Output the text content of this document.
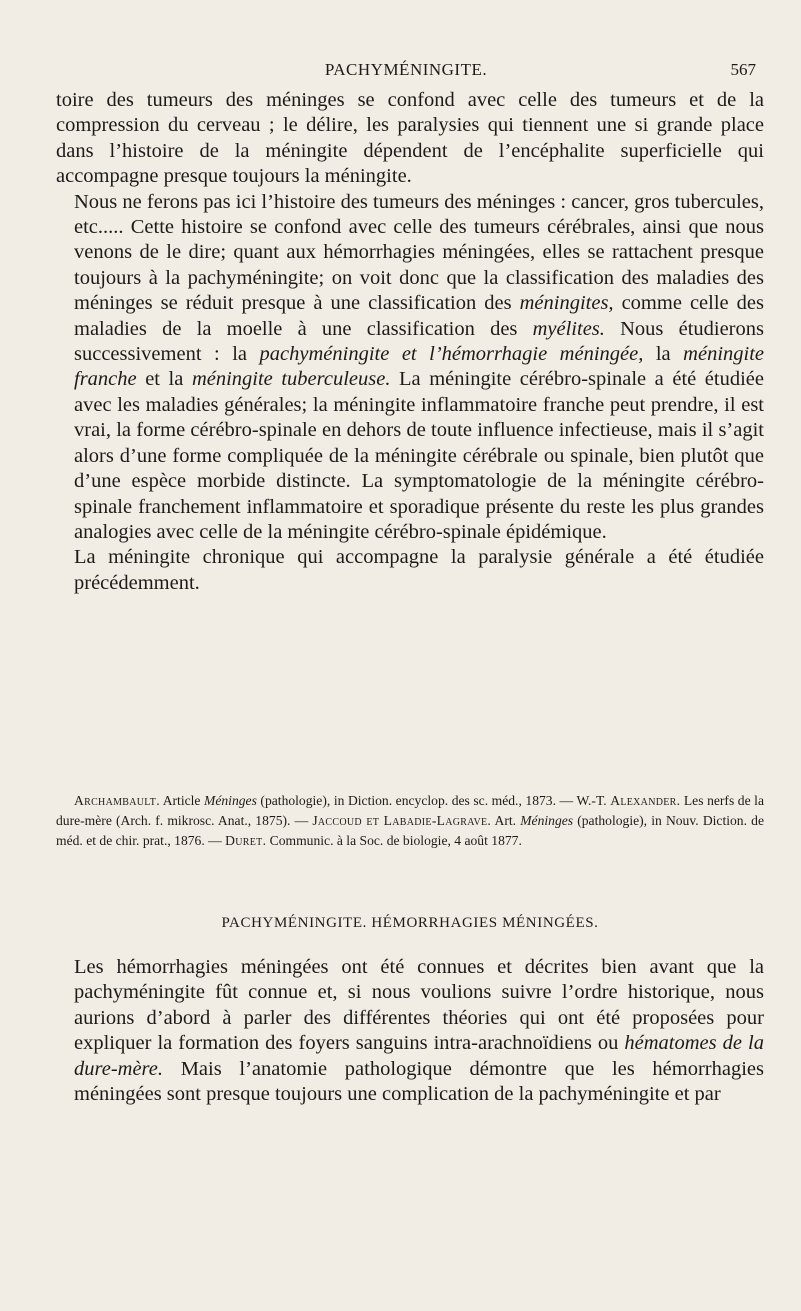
PACHYMÉNINGITE.	567

toire des tumeurs des méninges se confond avec celle des tumeurs et de la compression du cerveau ; le délire, les paralysies qui tiennent une si grande place dans l’histoire de la méningite dépendent de l’encéphalite superficielle qui accompagne presque toujours la méningite.

Nous ne ferons pas ici l’histoire des tumeurs des méninges : cancer, gros tubercules, etc..... Cette histoire se confond avec celle des tumeurs cérébrales, ainsi que nous venons de le dire; quant aux hémorrhagies méningées, elles se rattachent presque toujours à la pachyméningite; on voit donc que la classification des maladies des méninges se réduit presque à une classification des méningites, comme celle des maladies de la moelle à une classification des myélites. Nous étudierons successivement : la pachyméningite et l’hémorrhagie méningée, la méningite franche et la méningite tuberculeuse. La méningite cérébro-spinale a été étudiée avec les maladies générales; la méningite inflammatoire franche peut prendre, il est vrai, la forme cérébro-spinale en dehors de toute influence infectieuse, mais il s’agit alors d’une forme compliquée de la méningite cérébrale ou spinale, bien plutôt que d’une espèce morbide distincte. La symptomatologie de la méningite cérébro-spinale franchement inflammatoire et sporadique présente du reste les plus grandes analogies avec celle de la méningite cérébro-spinale épidémique.

La méningite chronique qui accompagne la paralysie générale a été étudiée précédemment.

Archambault. Article Méninges (pathologie), in Diction. encyclop. des sc. méd., 1873. — W.-T. Alexander. Les nerfs de la dure-mère (Arch. f. mikrosc. Anat., 1875). — Jaccoud et Labadie-Lagrave. Art. Méninges (pathologie), in Nouv. Diction. de méd. et de chir. prat., 1876. — Duret. Communic. à la Soc. de biologie, 4 août 1877.
PACHYMÉNINGITE. HÉMORRHAGIES MÉNINGÉES.

Les hémorrhagies méningées ont été connues et décrites bien avant que la pachyméningite fût connue et, si nous voulions suivre l’ordre historique, nous aurions d’abord à parler des différentes théories qui ont été proposées pour expliquer la formation des foyers sanguins intra-arachnoïdiens ou hématomes de la dure-mère. Mais l’anatomie pathologique démontre que les hémorrhagies méningées sont presque toujours une complication de la pachyméningite et par
